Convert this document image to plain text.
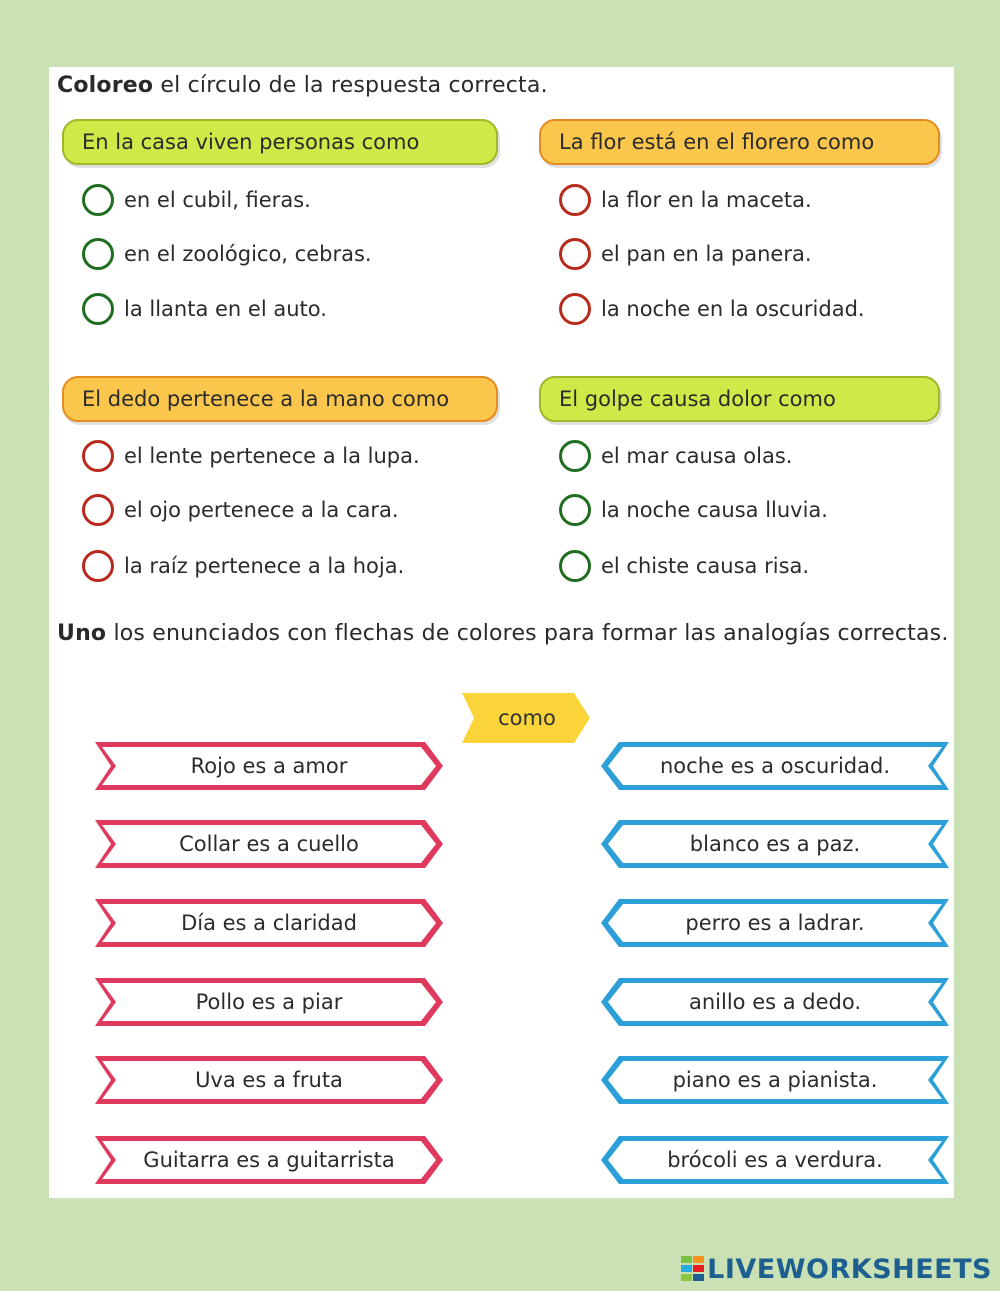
Coloreo el círculo de la respuesta correcta.
En la casa viven personas como
en el cubil, fieras.
en el zoológico, cebras.
la llanta en el auto.
La flor está en el florero como
la flor en la maceta.
el pan en la panera.
la noche en la oscuridad.
El dedo pertenece a la mano como
el lente pertenece a la lupa.
el ojo pertenece a la cara.
la raíz pertenece a la hoja.
El golpe causa dolor como
el mar causa olas.
la noche causa lluvia.
el chiste causa risa.
Uno los enunciados con flechas de colores para formar las analogías correctas.
como
Rojo es a amor
Collar es a cuello
Día es a claridad
Pollo es a piar
Uva es a fruta
Guitarra es a guitarrista
noche es a oscuridad.
blanco es a paz.
perro es a ladrar.
anillo es a dedo.
piano es a pianista.
brócoli es a verdura.
LIVEWORKSHEETS
